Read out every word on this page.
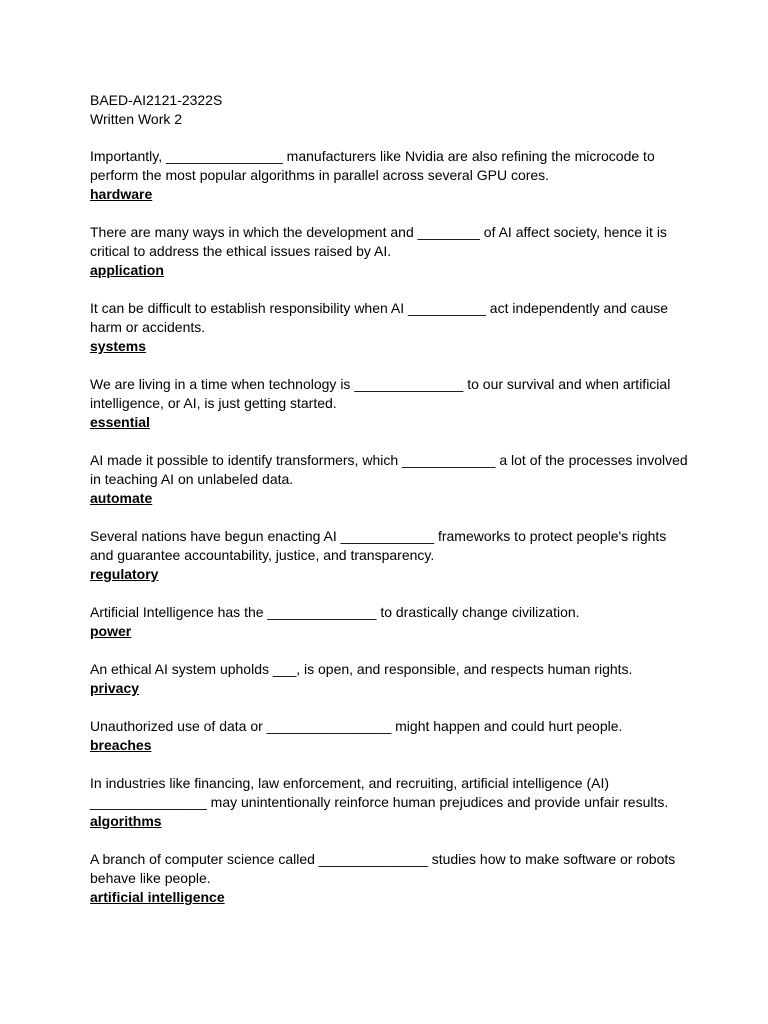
BAED-AI2121-2322S
Written Work 2

Importantly, _______________ manufacturers like Nvidia are also refining the microcode to perform the most popular algorithms in parallel across several GPU cores.

hardware

There are many ways in which the development and ________ of AI affect society, hence it is critical to address the ethical issues raised by AI.

application

It can be difficult to establish responsibility when AI __________ act independently and cause harm or accidents.

systems

We are living in a time when technology is ______________ to our survival and when artificial intelligence, or AI, is just getting started.

essential

AI made it possible to identify transformers, which ____________ a lot of the processes involved in teaching AI on unlabeled data.

automate

Several nations have begun enacting AI ____________ frameworks to protect people's rights and guarantee accountability, justice, and transparency.

regulatory

Artificial Intelligence has the ______________ to drastically change civilization.

power

An ethical AI system upholds ___, is open, and responsible, and respects human rights.

privacy

Unauthorized use of data or ________________ might happen and could hurt people.

breaches

In industries like financing, law enforcement, and recruiting, artificial intelligence (AI) _______________ may unintentionally reinforce human prejudices and provide unfair results.

algorithms

A branch of computer science called ______________ studies how to make software or robots behave like people.

artificial intelligence
